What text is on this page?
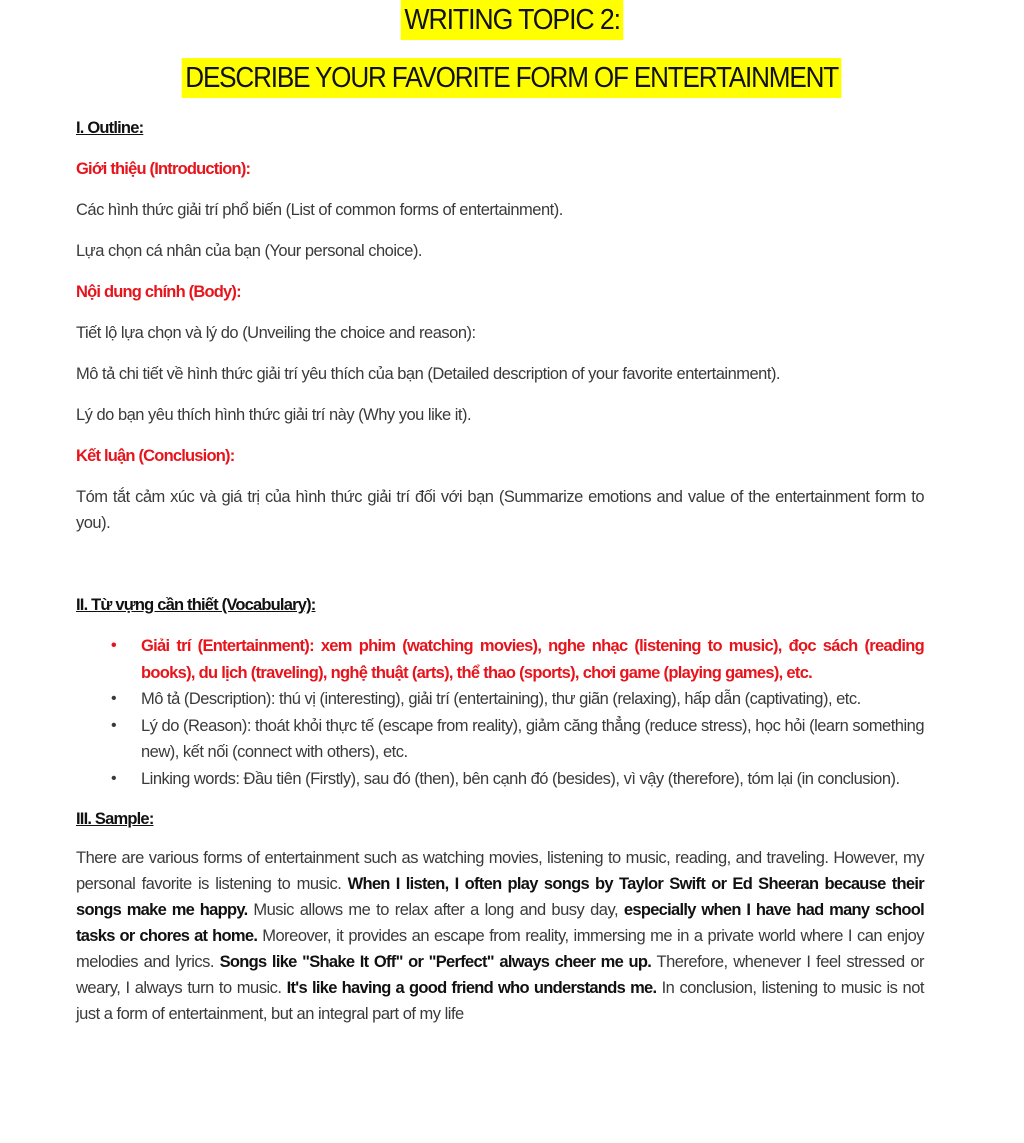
WRITING TOPIC 2:
DESCRIBE YOUR FAVORITE FORM OF ENTERTAINMENT

I. Outline:

Giới thiệu (Introduction):

Các hình thức giải trí phổ biến (List of common forms of entertainment).

Lựa chọn cá nhân của bạn (Your personal choice).

Nội dung chính (Body):

Tiết lộ lựa chọn và lý do (Unveiling the choice and reason):

Mô tả chi tiết về hình thức giải trí yêu thích của bạn (Detailed description of your favorite entertainment).

Lý do bạn yêu thích hình thức giải trí này (Why you like it).

Kết luận (Conclusion):

Tóm tắt cảm xúc và giá trị của hình thức giải trí đối với bạn (Summarize emotions and value of the entertainment form to you).

II. Từ vựng cần thiết (Vocabulary):

• Giải trí (Entertainment): xem phim (watching movies), nghe nhạc (listening to music), đọc sách (reading books), du lịch (traveling), nghệ thuật (arts), thể thao (sports), chơi game (playing games), etc.
• Mô tả (Description): thú vị (interesting), giải trí (entertaining), thư giãn (relaxing), hấp dẫn (captivating), etc.
• Lý do (Reason): thoát khỏi thực tế (escape from reality), giảm căng thẳng (reduce stress), học hỏi (learn something new), kết nối (connect with others), etc.
• Linking words: Đầu tiên (Firstly), sau đó (then), bên cạnh đó (besides), vì vậy (therefore), tóm lại (in conclusion).

III. Sample:

There are various forms of entertainment such as watching movies, listening to music, reading, and traveling. However, my personal favorite is listening to music. When I listen, I often play songs by Taylor Swift or Ed Sheeran because their songs make me happy. Music allows me to relax after a long and busy day, especially when I have had many school tasks or chores at home. Moreover, it provides an escape from reality, immersing me in a private world where I can enjoy melodies and lyrics. Songs like "Shake It Off" or "Perfect" always cheer me up. Therefore, whenever I feel stressed or weary, I always turn to music. It's like having a good friend who understands me. In conclusion, listening to music is not just a form of entertainment, but an integral part of my life
